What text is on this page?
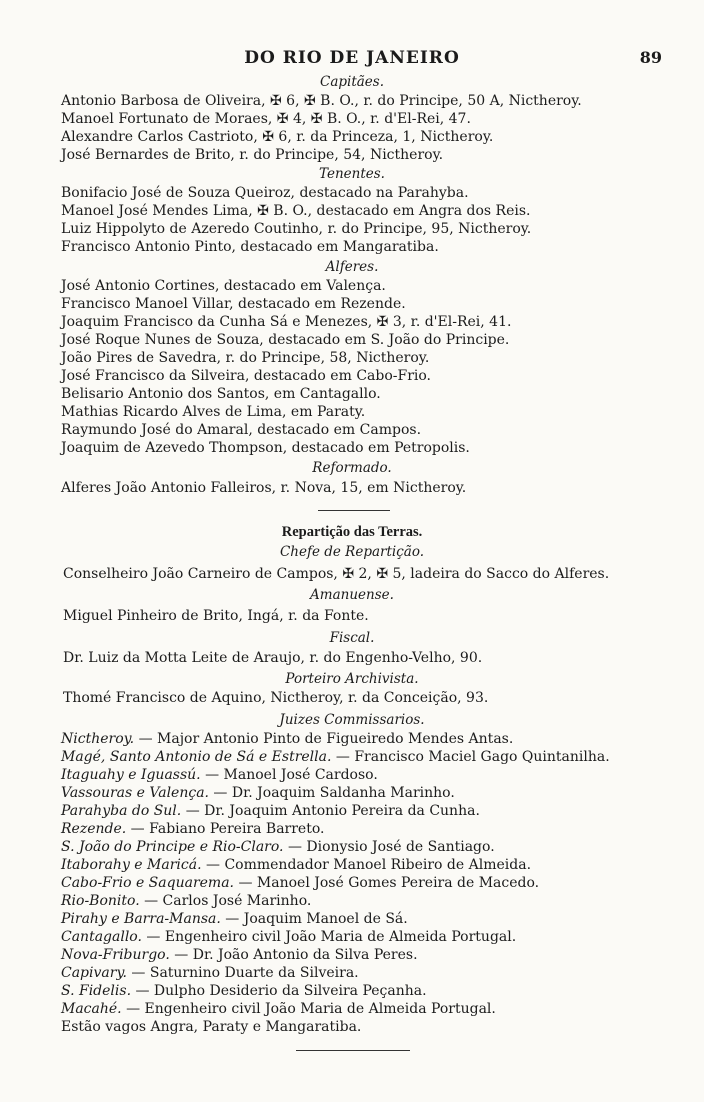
DO RIO DE JANEIRO	89
Capitães.
Antonio Barbosa de Oliveira, ✠ 6, ✠ B. O., r. do Principe, 50 A, Nictheroy.
Manoel Fortunato de Moraes, ✠ 4, ✠ B. O., r. d'El-Rei, 47.
Alexandre Carlos Castrioto, ✠ 6, r. da Princeza, 1, Nictheroy.
José Bernardes de Brito, r. do Principe, 54, Nictheroy.
Tenentes.
Bonifacio José de Souza Queiroz, destacado na Parahyba.
Manoel José Mendes Lima, ✠ B. O., destacado em Angra dos Reis.
Luiz Hippolyto de Azeredo Coutinho, r. do Principe, 95, Nictheroy.
Francisco Antonio Pinto, destacado em Mangaratiba.
Alferes.
José Antonio Cortines, destacado em Valença.
Francisco Manoel Villar, destacado em Rezende.
Joaquim Francisco da Cunha Sá e Menezes, ✠ 3, r. d'El-Rei, 41.
José Roque Nunes de Souza, destacado em S. João do Principe.
João Pires de Savedra, r. do Principe, 58, Nictheroy.
José Francisco da Silveira, destacado em Cabo-Frio.
Belisario Antonio dos Santos, em Cantagallo.
Mathias Ricardo Alves de Lima, em Paraty.
Raymundo José do Amaral, destacado em Campos.
Joaquim de Azevedo Thompson, destacado em Petropolis.
Reformado.
Alferes João Antonio Falleiros, r. Nova, 15, em Nictheroy.
Repartição das Terras.
Chefe de Repartição.
Conselheiro João Carneiro de Campos, ✠ 2, ✠ 5, ladeira do Sacco do Alferes.
Amanuense.
Miguel Pinheiro de Brito, Ingá, r. da Fonte.
Fiscal.
Dr. Luiz da Motta Leite de Araujo, r. do Engenho-Velho, 90.
Porteiro Archivista.
Thomé Francisco de Aquino, Nictheroy, r. da Conceição, 93.
Juizes Commissarios.
Nictheroy. — Major Antonio Pinto de Figueiredo Mendes Antas.
Magé, Santo Antonio de Sá e Estrella. — Francisco Maciel Gago Quintanilha.
Itaguahy e Iguassú. — Manoel José Cardoso.
Vassouras e Valença. — Dr. Joaquim Saldanha Marinho.
Parahyba do Sul. — Dr. Joaquim Antonio Pereira da Cunha.
Rezende. — Fabiano Pereira Barreto.
S. João do Principe e Rio-Claro. — Dionysio José de Santiago.
Itaborahy e Maricá. — Commendador Manoel Ribeiro de Almeida.
Cabo-Frio e Saquarema. — Manoel José Gomes Pereira de Macedo.
Rio-Bonito. — Carlos José Marinho.
Pirahy e Barra-Mansa. — Joaquim Manoel de Sá.
Cantagallo. — Engenheiro civil João Maria de Almeida Portugal.
Nova-Friburgo. — Dr. João Antonio da Silva Peres.
Capivary. — Saturnino Duarte da Silveira.
S. Fidelis. — Dulpho Desiderio da Silveira Peçanha.
Macahé. — Engenheiro civil João Maria de Almeida Portugal.
Estão vagos Angra, Paraty e Mangaratiba.
